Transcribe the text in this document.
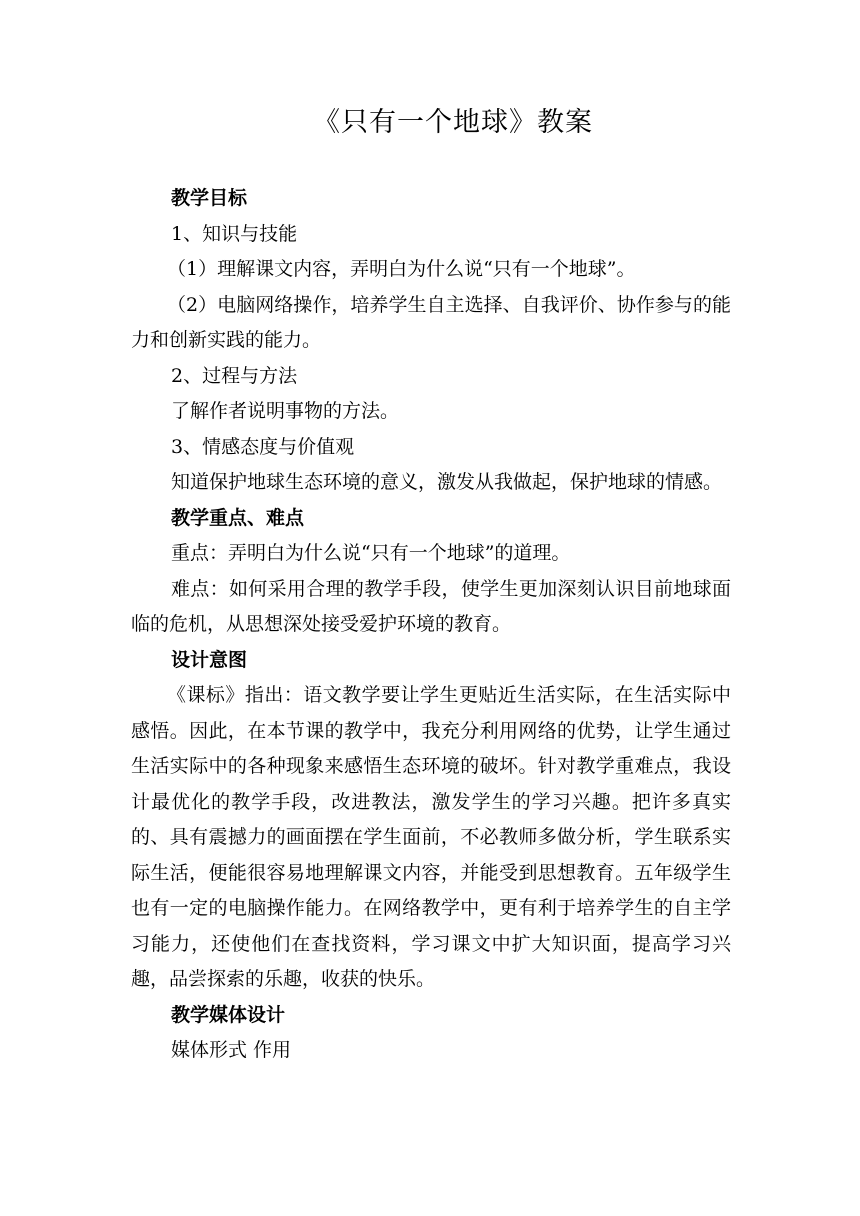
《只有一个地球》教案

教学目标

1、知识与技能

（1）理解课文内容，弄明白为什么说“只有一个地球”。

（2）电脑网络操作，培养学生自主选择、自我评价、协作参与的能力和创新实践的能力。

2、过程与方法

了解作者说明事物的方法。

3、情感态度与价值观

知道保护地球生态环境的意义，激发从我做起，保护地球的情感。

教学重点、难点

重点：弄明白为什么说“只有一个地球”的道理。

难点：如何采用合理的教学手段，使学生更加深刻认识目前地球面临的危机，从思想深处接受爱护环境的教育。

设计意图

《课标》指出：语文教学要让学生更贴近生活实际，在生活实际中感悟。因此，在本节课的教学中，我充分利用网络的优势，让学生通过生活实际中的各种现象来感悟生态环境的破坏。针对教学重难点，我设计最优化的教学手段，改进教法，激发学生的学习兴趣。把许多真实的、具有震撼力的画面摆在学生面前，不必教师多做分析，学生联系实际生活，便能很容易地理解课文内容，并能受到思想教育。五年级学生也有一定的电脑操作能力。在网络教学中，更有利于培养学生的自主学习能力，还使他们在查找资料，学习课文中扩大知识面，提高学习兴趣，品尝探索的乐趣，收获的快乐。

教学媒体设计

媒体形式 作用
